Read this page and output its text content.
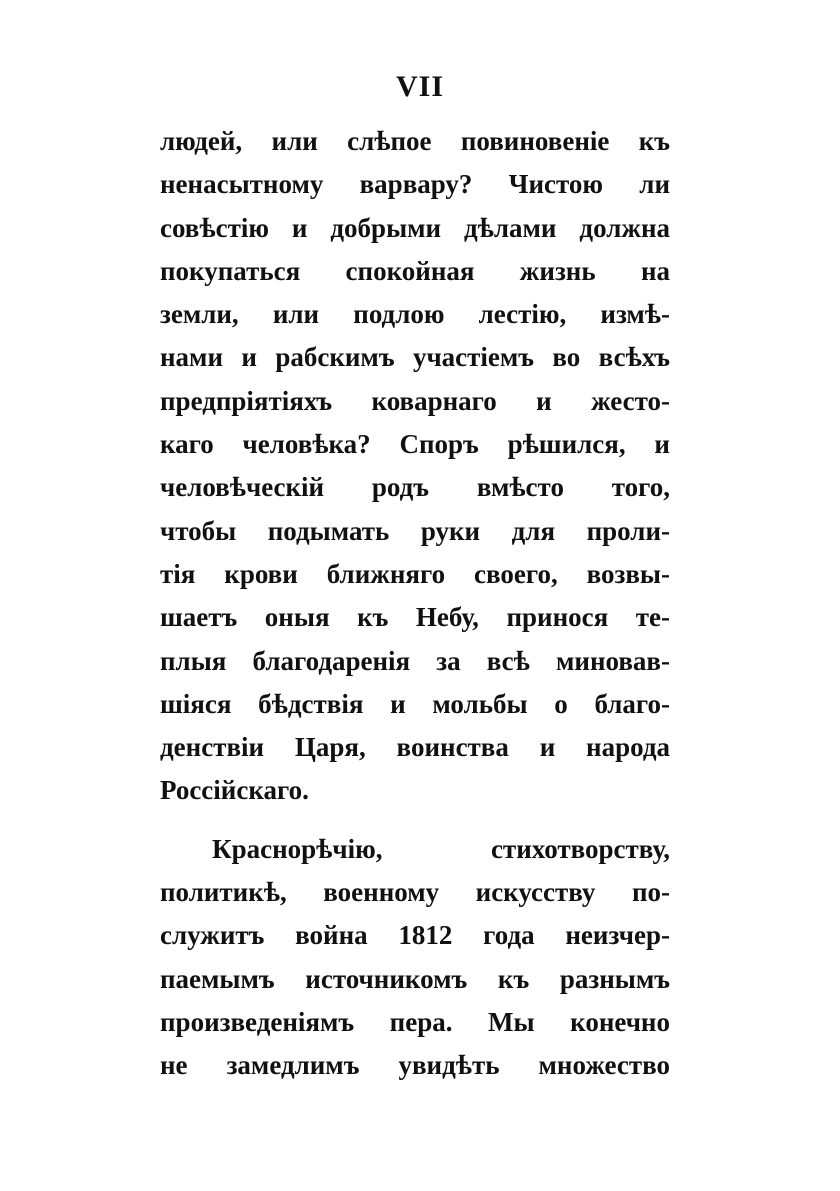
VII
людей, или слѣпое повиновеніе къ
ненасытному варвару? Чистою ли
совѣстію и добрыми дѣлами должна
покупаться спокойная жизнь на
земли, или подлою лестію, измѣ-
нами и рабскимъ участіемъ во всѣхъ
предпріятіяхъ коварнаго и жесто-
каго человѣка? Споръ рѣшился, и
человѣческій родъ вмѣсто того,
чтобы подымать руки для проли-
тія крови ближняго своего, возвы-
шаетъ оныя къ Небу, принося те-
плыя благодаренія за всѣ миновав-
шіяся бѣдствія и мольбы о благо-
денствіи Царя, воинства и народа
Россійскаго.
Краснорѣчію, стихотворству,
политикѣ, военному искусству по-
служитъ война 1812 года неизчер-
паемымъ источникомъ къ разнымъ
произведеніямъ пера. Мы конечно
не замедлимъ увидѣть множество
